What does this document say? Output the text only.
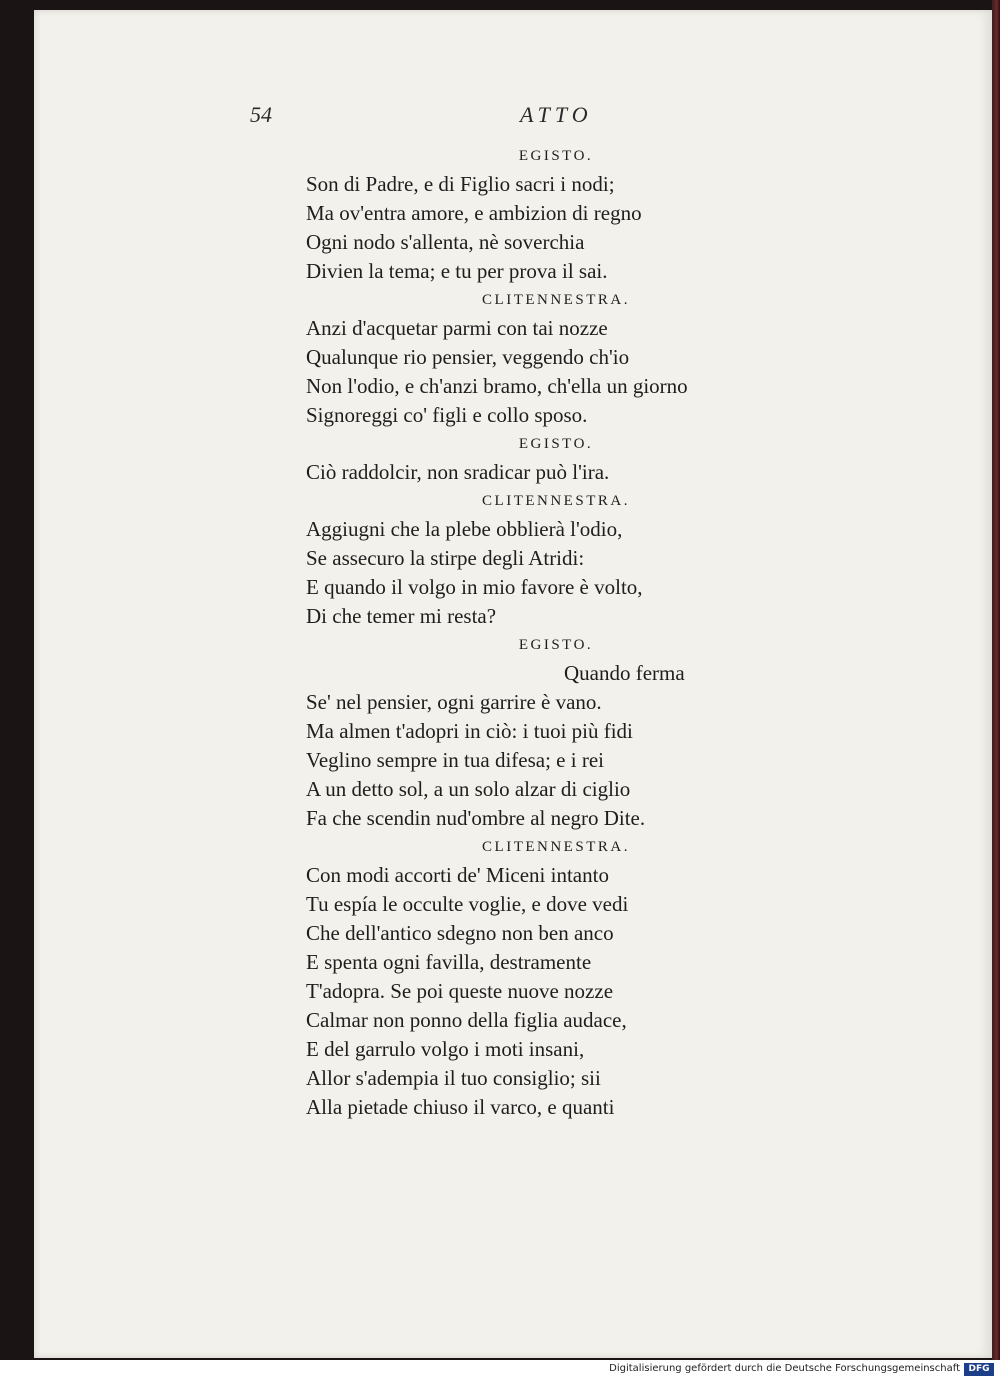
54	ATTO
EGISTO.
Son di Padre, e di Figlio sacri i nodi;
Ma ov'entra amore, e ambizion di regno
Ogni nodo s'allenta, nè soverchia
Divien la tema; e tu per prova il sai.
CLITENNESTRA.
Anzi d'acquetar parmi con tai nozze
Qualunque rio pensier, veggendo ch'io
Non l'odio, e ch'anzi bramo, ch'ella un giorno
Signoreggi co' figli e collo sposo.
EGISTO.
Ciò raddolcir, non sradicar può l'ira.
CLITENNESTRA.
Aggiugni che la plebe obblierà l'odio,
Se assecuro la stirpe degli Atridi:
E quando il volgo in mio favore è volto,
Di che temer mi resta?
EGISTO.
Quando ferma
Se' nel pensier, ogni garrire è vano.
Ma almen t'adopri in ciò: i tuoi più fidi
Veglino sempre in tua difesa; e i rei
A un detto sol, a un solo alzar di ciglio
Fa che scendin nud'ombre al negro Dite.
CLITENNESTRA.
Con modi accorti de' Miceni intanto
Tu espía le occulte voglie, e dove vedi
Che dell'antico sdegno non ben anco
E spenta ogni favilla, destramente
T'adopra. Se poi queste nuove nozze
Calmar non ponno della figlia audace,
E del garrulo volgo i moti insani,
Allor s'adempia il tuo consiglio; sii
Alla pietade chiuso il varco, e quanti
Digitalisierung gefördert durch die Deutsche Forschungsgemeinschaft DFG
